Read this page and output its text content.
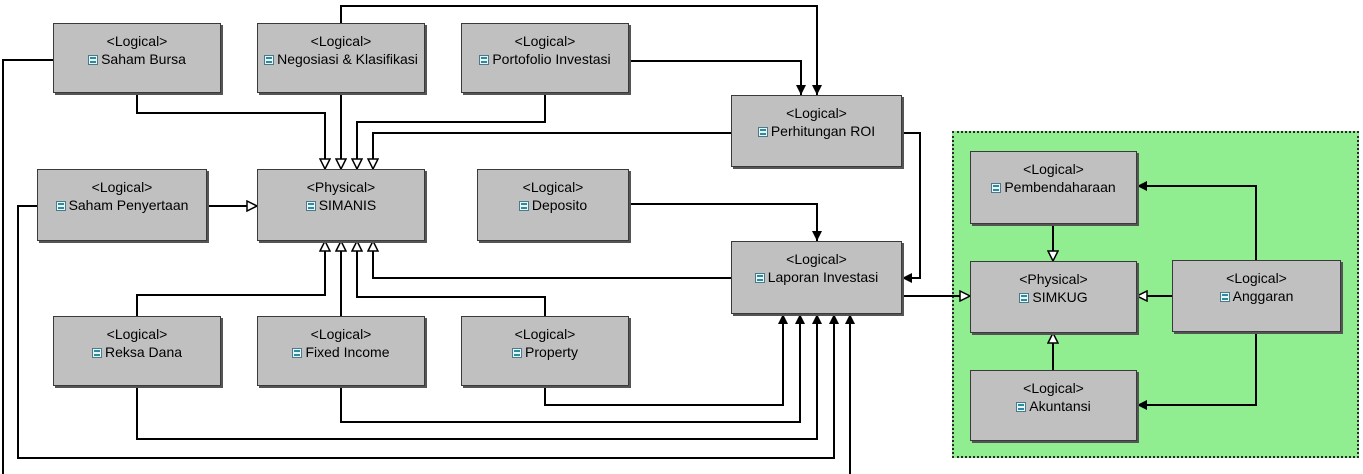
<Logical>
Saham Bursa
<Logical>
Negosiasi & Klasifikasi
<Logical>
Portofolio Investasi
<Logical>
Perhitungan ROI
<Logical>
Saham Penyertaan
<Physical>
SIMANIS
<Logical>
Deposito
<Logical>
Laporan Investasi
<Logical>
Reksa Dana
<Logical>
Fixed Income
<Logical>
Property
<Logical>
Pembendaharaan
<Physical>
SIMKUG
<Logical>
Anggaran
<Logical>
Akuntansi
